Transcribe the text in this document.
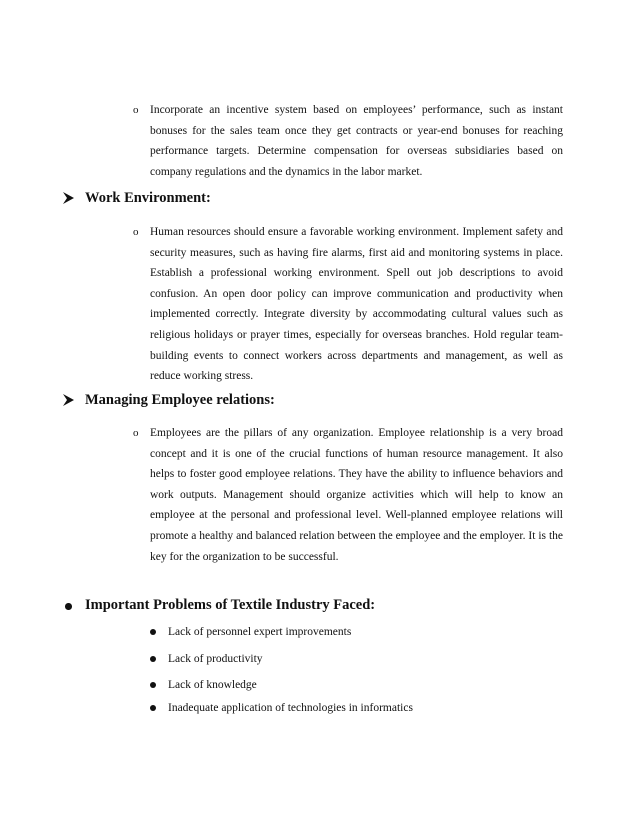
o Incorporate an incentive system based on employees’ performance, such as instant bonuses for the sales team once they get contracts or year-end bonuses for reaching performance targets. Determine compensation for overseas subsidiaries based on company regulations and the dynamics in the labor market.
Work Environment:
o Human resources should ensure a favorable working environment. Implement safety and security measures, such as having fire alarms, first aid and monitoring systems in place. Establish a professional working environment. Spell out job descriptions to avoid confusion. An open door policy can improve communication and productivity when implemented correctly. Integrate diversity by accommodating cultural values such as religious holidays or prayer times, especially for overseas branches. Hold regular team-building events to connect workers across departments and management, as well as reduce working stress.
Managing Employee relations:
o Employees are the pillars of any organization. Employee relationship is a very broad concept and it is one of the crucial functions of human resource management. It also helps to foster good employee relations. They have the ability to influence behaviors and work outputs. Management should organize activities which will help to know an employee at the personal and professional level. Well-planned employee relations will promote a healthy and balanced relation between the employee and the employer. It is the key for the organization to be successful.
Important Problems of Textile Industry Faced:
Lack of personnel expert improvements
Lack of productivity
Lack of knowledge
Inadequate application of technologies in informatics
